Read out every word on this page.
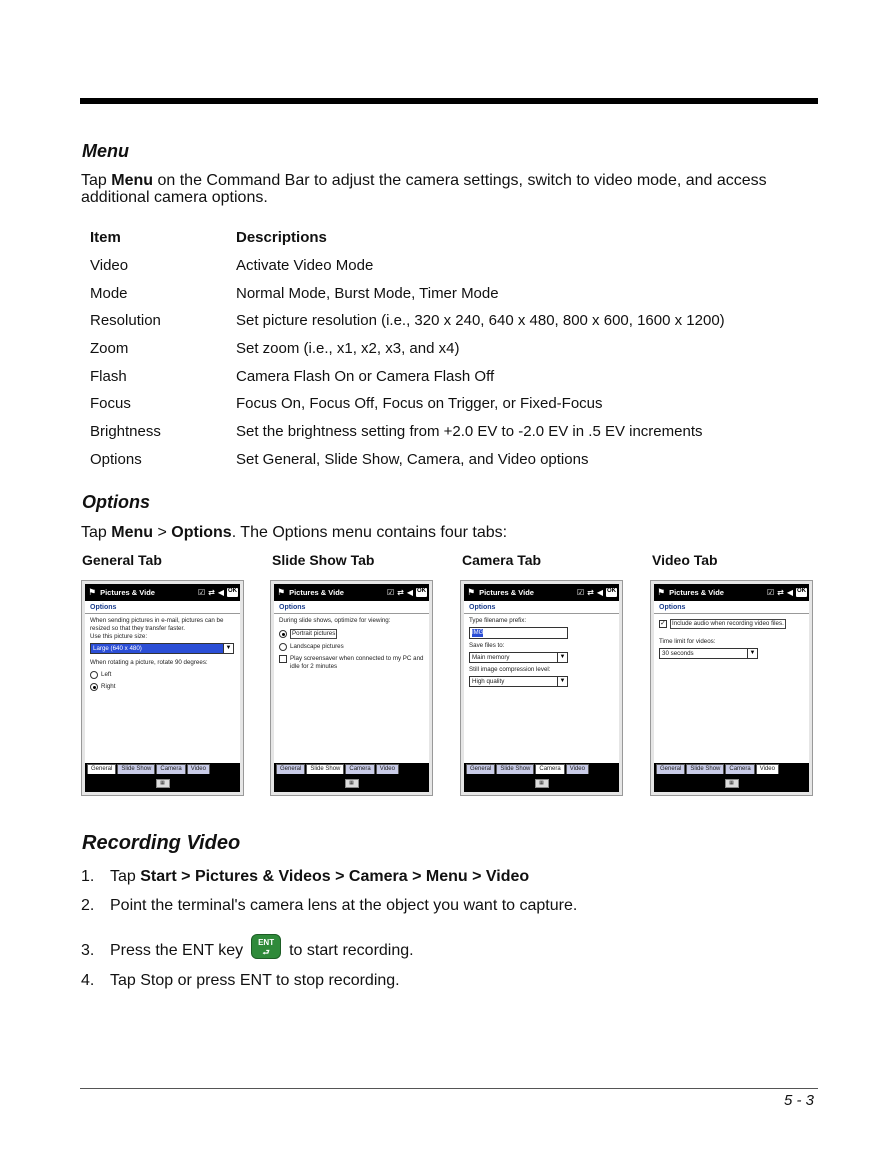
Menu
Tap Menu on the Command Bar to adjust the camera settings, switch to video mode, and access additional camera options.
Item	Descriptions
Video	Activate Video Mode
Mode	Normal Mode, Burst Mode, Timer Mode
Resolution	Set picture resolution (i.e., 320 x 240, 640 x 480, 800 x 600, 1600 x 1200)
Zoom	Set zoom (i.e., x1, x2, x3, and x4)
Flash	Camera Flash On or Camera Flash Off
Focus	Focus On, Focus Off, Focus on Trigger, or Fixed-Focus
Brightness	Set the brightness setting from +2.0 EV to -2.0 EV in .5 EV increments
Options	Set General, Slide Show, Camera, and Video options
Options
Tap Menu > Options. The Options menu contains four tabs:
General Tab	Slide Show Tab	Camera Tab	Video Tab
⚑ Pictures & Vide	☑ ⇄ ◀ OK
Options
When sending pictures in e-mail, pictures can be resized so that they transfer faster.
Use this picture size:
Large (640 x 480)	▼
When rotating a picture, rotate 90 degrees:
Left
Right
General	Slide Show	Camera	Video
▦
⚑ Pictures & Vide	☑ ⇄ ◀ OK
Options
During slide shows, optimize for viewing:
Portrait pictures
Landscape pictures
Play screensaver when connected to my PC and idle for 2 minutes
General	Slide Show	Camera	Video
▦
⚑ Pictures & Vide	☑ ⇄ ◀ OK
Options
Type filename prefix:
IMG
Save files to:
Main memory	▼
Still image compression level:
High quality	▼
General	Slide Show	Camera	Video
▦
⚑ Pictures & Vide	☑ ⇄ ◀ OK
Options
✓ Include audio when recording video files.
Time limit for videos:
30 seconds	▼
General	Slide Show	Camera	Video
▦
Recording Video
1. Tap Start > Pictures & Videos > Camera > Menu > Video
2. Point the terminal's camera lens at the object you want to capture.
3. Press the ENT key ENT
⮐ to start recording.
4. Tap Stop or press ENT to stop recording.
5 - 3
